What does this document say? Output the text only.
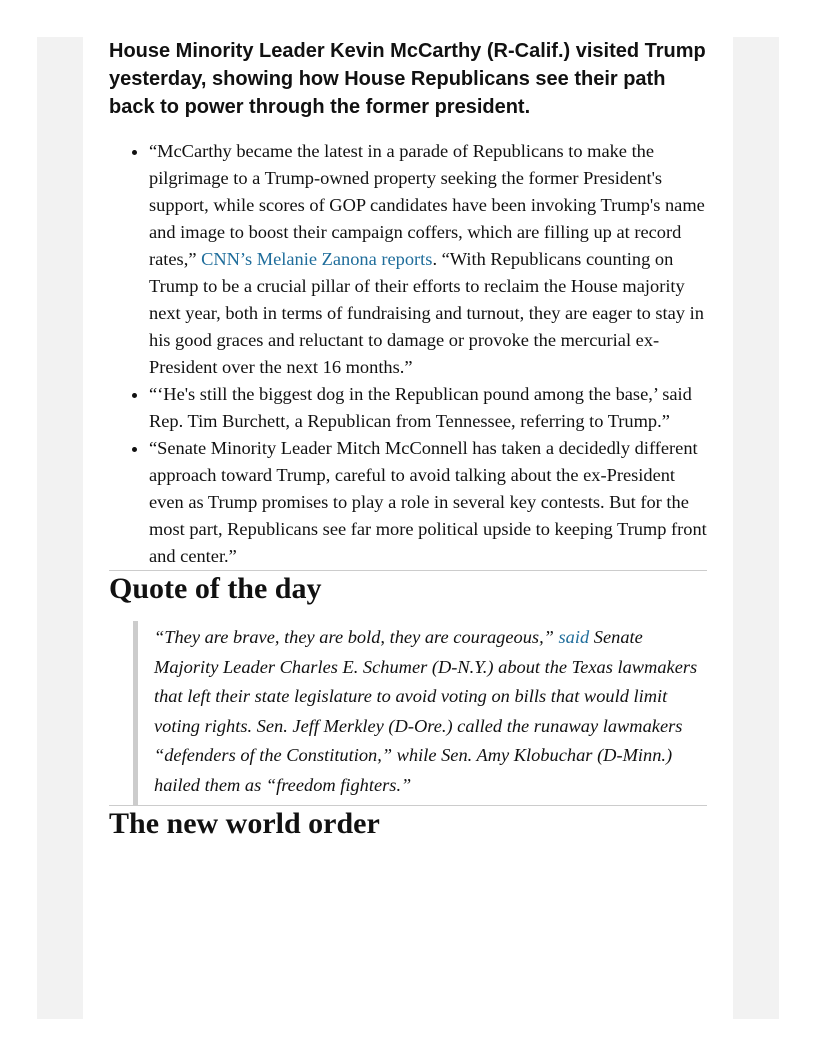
House Minority Leader Kevin McCarthy (R-Calif.) visited Trump yesterday, showing how House Republicans see their path back to power through the former president.
• “McCarthy became the latest in a parade of Republicans to make the pilgrimage to a Trump-owned property seeking the former President's support, while scores of GOP candidates have been invoking Trump's name and image to boost their campaign coffers, which are filling up at record rates,” CNN’s Melanie Zanona reports. “With Republicans counting on Trump to be a crucial pillar of their efforts to reclaim the House majority next year, both in terms of fundraising and turnout, they are eager to stay in his good graces and reluctant to damage or provoke the mercurial ex-President over the next 16 months.”
• “‘He's still the biggest dog in the Republican pound among the base,’ said Rep. Tim Burchett, a Republican from Tennessee, referring to Trump.”
• “Senate Minority Leader Mitch McConnell has taken a decidedly different approach toward Trump, careful to avoid talking about the ex-President even as Trump promises to play a role in several key contests. But for the most part, Republicans see far more political upside to keeping Trump front and center.”
Quote of the day
“They are brave, they are bold, they are courageous,” said Senate Majority Leader Charles E. Schumer (D-N.Y.) about the Texas lawmakers that left their state legislature to avoid voting on bills that would limit voting rights. Sen. Jeff Merkley (D-Ore.) called the runaway lawmakers “defenders of the Constitution,” while Sen. Amy Klobuchar (D-Minn.) hailed them as “freedom fighters.”
The new world order
